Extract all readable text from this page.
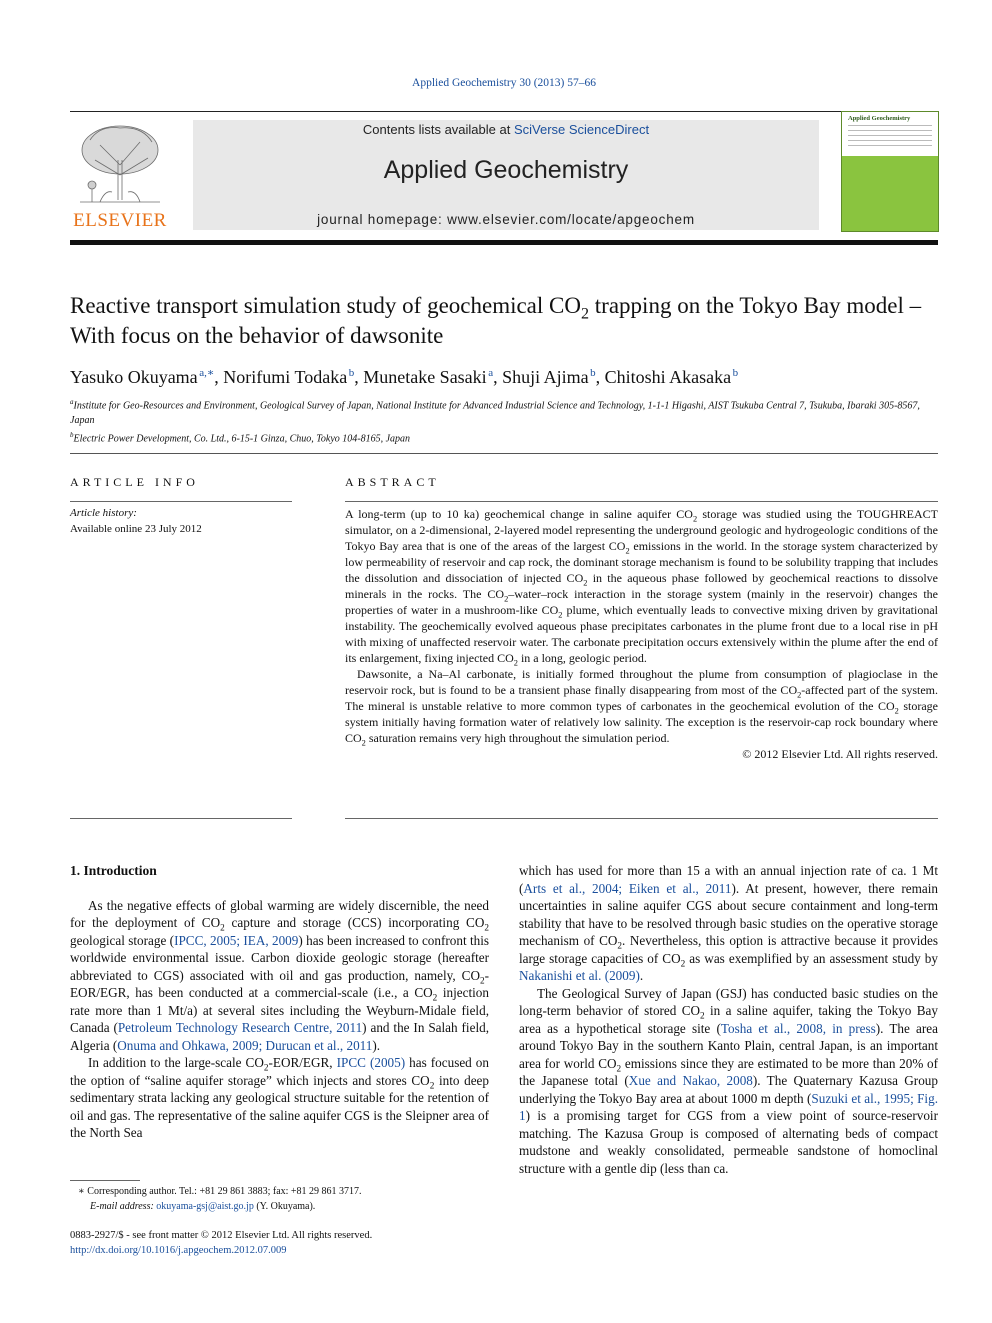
Applied Geochemistry 30 (2013) 57–66
ELSEVIER
Contents lists available at SciVerse ScienceDirect
Applied Geochemistry
journal homepage: www.elsevier.com/locate/apgeochem
Applied Geochemistry
Reactive transport simulation study of geochemical $CO_2$ trapping on the Tokyo Bay model – With focus on the behavior of dawsonite
Yasuko Okuyama  $^{a,∗}$, Norifumi Todaka  $^b$, Munetake Sasaki  $^a$, Shuji Ajima  $^b$, Chitoshi Akasaka  $^b$
$^a$Institute for Geo-Resources and Environment, Geological Survey of Japan, National Institute for Advanced Industrial Science and Technology, 1-1-1 Higashi, AIST Tsukuba Central 7, Tsukuba, Ibaraki 305-8567, Japan
$^b$Electric Power Development, Co. Ltd., 6-15-1 Ginza, Chuo, Tokyo 104-8165, Japan
ARTICLE INFO	ABSTRACT
Article history:
Available online 23 July 2012

A long-term (up to 10 ka) geochemical change in saline aquifer $CO_2$ storage was studied using the TOUGHREACT simulator, on a 2-dimensional, 2-layered model representing the underground geologic and hydrogeologic conditions of the Tokyo Bay area that is one of the areas of the largest $CO_2$ emissions in the world. In the storage system characterized by low permeability of reservoir and cap rock, the dominant storage mechanism is found to be solubility trapping that includes the dissolution and dissociation of injected $CO_2$ in the aqueous phase followed by geochemical reactions to dissolve minerals in the rocks. The $CO_2-water$–rock interaction in the storage system (mainly in the reservoir) changes the properties of water in a mushroom-like $CO_2$ plume, which eventually leads to convective mixing driven by gravitational instability. The geochemically evolved aqueous phase precipitates carbonates in the plume front due to a local rise in pH with mixing of unaffected reservoir water. The carbonate precipitation occurs extensively within the plume after the end of its enlargement, fixing injected $CO_2$ in a long, geologic period.

Dawsonite, a Na–Al carbonate, is initially formed throughout the plume from consumption of plagioclase in the reservoir rock, but is found to be a transient phase finally disappearing from most of the $CO_2$-affected part of the system. The mineral is unstable relative to more common types of carbonates in the geochemical evolution of the $CO_2$ storage system initially having formation water of relatively low salinity. The exception is the reservoir-cap rock boundary where $CO_2$ saturation remains very high throughout the simulation period.

© 2012 Elsevier Ltd. All rights reserved.

1. Introduction

As the negative effects of global warming are widely discernible, the need for the deployment of $CO_2$ capture and storage (CCS) incorporating $CO_2$ geological storage (IPCC, 2005; IEA, 2009) has been increased to confront this worldwide environmental issue. Carbon dioxide geologic storage (hereafter abbreviated to CGS) associated with oil and gas production, namely, $CO_2-EOR$/EGR, has been conducted at a commercial-scale (i.e., a $CO_2$ injection rate more than 1 Mt/a) at several sites including the Weyburn-Midale field, Canada (Petroleum Technology Research Centre, 2011) and the In Salah field, Algeria (Onuma and Ohkawa, 2009; Durucan et al., 2011).

In addition to the large-scale $CO_2-EOR$/EGR, IPCC (2005) has focused on the option of “saline aquifer storage” which injects and stores $CO_2$ into deep sedimentary strata lacking any geological structure suitable for the retention of oil and gas. The representative of the saline aquifer CGS is the Sleipner area of the North Sea

which has used for more than 15 a with an annual injection rate of ca. 1 Mt (Arts et al., 2004; Eiken et al., 2011). At present, however, there remain uncertainties in saline aquifer CGS about secure containment and long-term stability that have to be resolved through basic studies on the operative storage mechanism of $CO_2$. Nevertheless, this option is attractive because it provides large storage capacities of $CO_2$ as was exemplified by an assessment study by Nakanishi et al. (2009).

The Geological Survey of Japan (GSJ) has conducted basic studies on the long-term behavior of stored $CO_2$ in a saline aquifer, taking the Tokyo Bay area as a hypothetical storage site (Tosha et al., 2008, in press). The area around Tokyo Bay in the southern Kanto Plain, central Japan, is an important area for world $CO_2$ emissions since they are estimated to be more than 20% of the Japanese total (Xue and Nakao, 2008). The Quaternary Kazusa Group underlying the Tokyo Bay area at about 1000 m depth (Suzuki et al., 1995; Fig. 1) is a promising target for CGS from a view point of source-reservoir matching. The Kazusa Group is composed of alternating beds of compact mudstone and weakly consolidated, permeable sandstone of homoclinal structure with a gentle dip (less than ca.

∗ Corresponding author. Tel.: +81 29 861 3883; fax: +81 29 861 3717.
E-mail address: okuyama-gsj@aist.go.jp (Y. Okuyama).
0883-2927/$ - see front matter © 2012 Elsevier Ltd. All rights reserved.
http://dx.doi.org/10.1016/j.apgeochem.2012.07.009
